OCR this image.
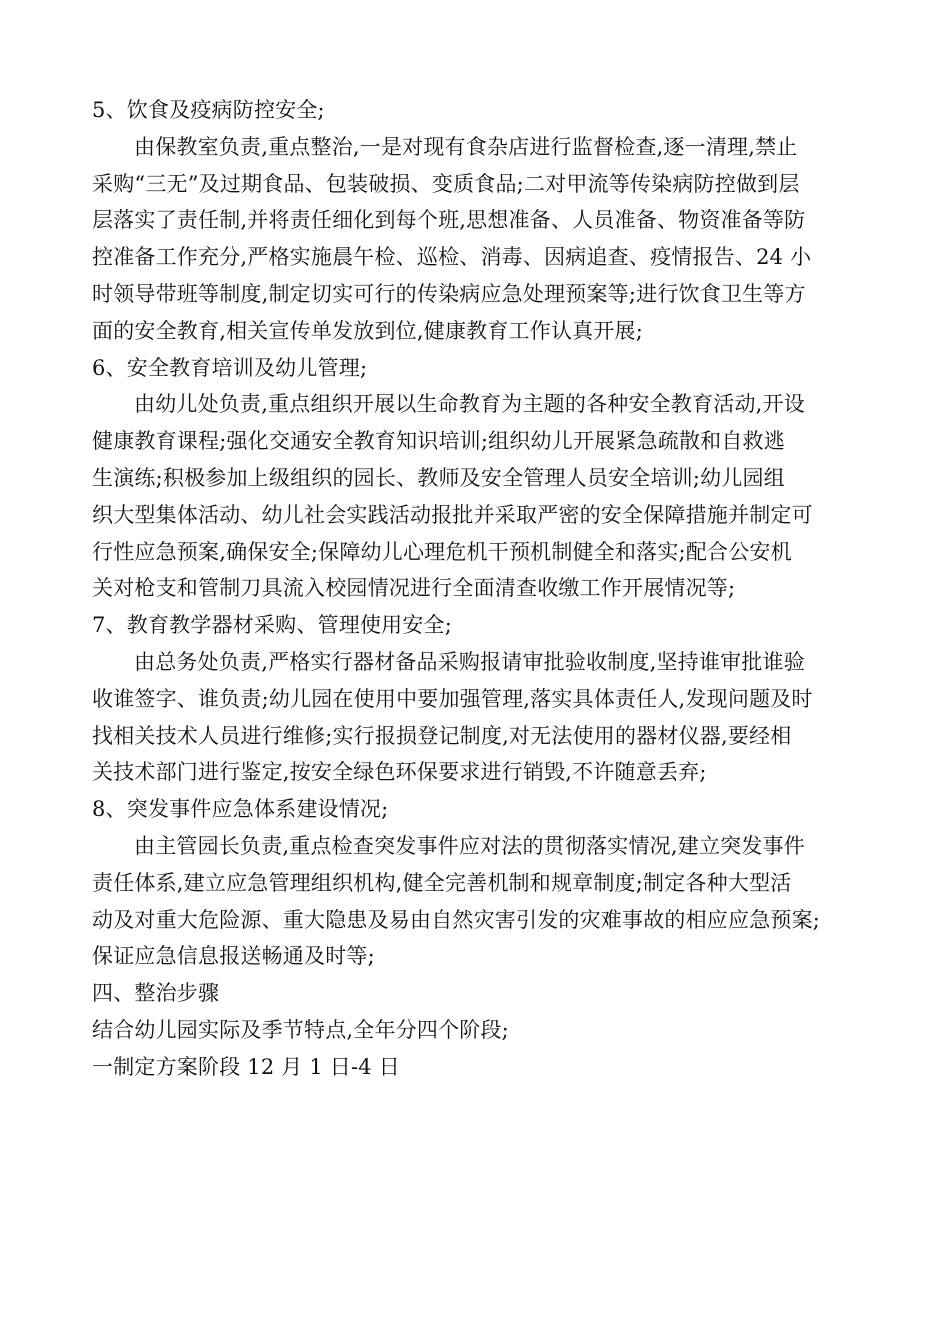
5、饮食及疫病防控安全;
由保教室负责,重点整治,一是对现有食杂店进行监督检查,逐一清理,禁止
采购“三无”及过期食品、包装破损、变质食品;二对甲流等传染病防控做到层
层落实了责任制,并将责任细化到每个班,思想准备、人员准备、物资准备等防
控准备工作充分,严格实施晨午检、巡检、消毒、因病追查、疫情报告、24 小
时领导带班等制度,制定切实可行的传染病应急处理预案等;进行饮食卫生等方
面的安全教育,相关宣传单发放到位,健康教育工作认真开展;
6、安全教育培训及幼儿管理;
由幼儿处负责,重点组织开展以生命教育为主题的各种安全教育活动,开设
健康教育课程;强化交通安全教育知识培训;组织幼儿开展紧急疏散和自救逃
生演练;积极参加上级组织的园长、教师及安全管理人员安全培训;幼儿园组
织大型集体活动、幼儿社会实践活动报批并采取严密的安全保障措施并制定可
行性应急预案,确保安全;保障幼儿心理危机干预机制健全和落实;配合公安机
关对枪支和管制刀具流入校园情况进行全面清查收缴工作开展情况等;
7、教育教学器材采购、管理使用安全;
由总务处负责,严格实行器材备品采购报请审批验收制度,坚持谁审批谁验
收谁签字、谁负责;幼儿园在使用中要加强管理,落实具体责任人,发现问题及时
找相关技术人员进行维修;实行报损登记制度,对无法使用的器材仪器,要经相
关技术部门进行鉴定,按安全绿色环保要求进行销毁,不许随意丢弃;
8、突发事件应急体系建设情况;
由主管园长负责,重点检查突发事件应对法的贯彻落实情况,建立突发事件
责任体系,建立应急管理组织机构,健全完善机制和规章制度;制定各种大型活
动及对重大危险源、重大隐患及易由自然灾害引发的灾难事故的相应应急预案;
保证应急信息报送畅通及时等;
四、整治步骤
结合幼儿园实际及季节特点,全年分四个阶段;
一制定方案阶段 12 月 1 日-4 日
